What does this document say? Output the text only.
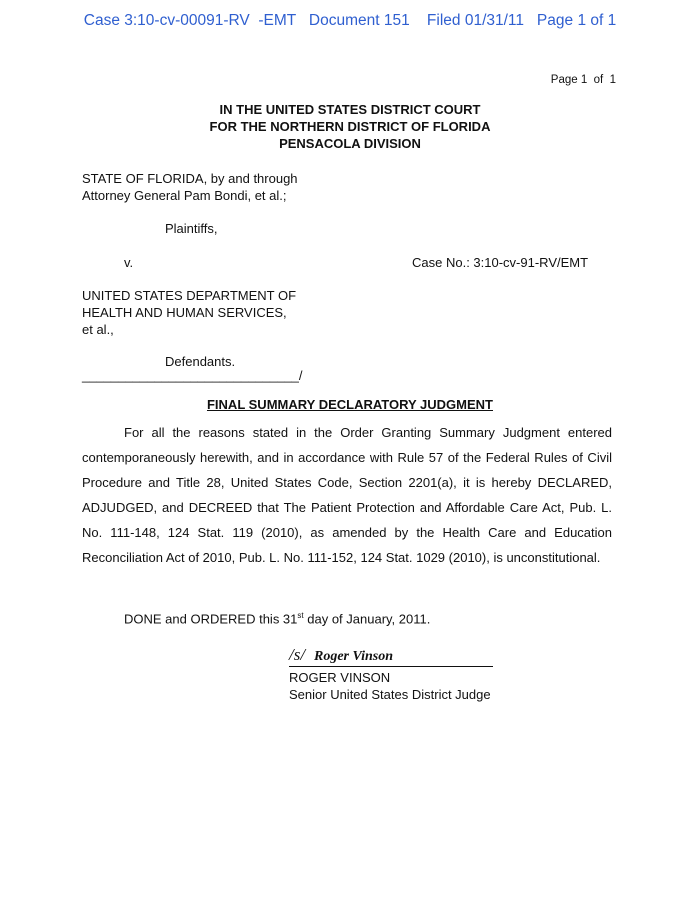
Case 3:10-cv-00091-RV  -EMT   Document 151    Filed 01/31/11   Page 1 of 1
Page 1  of  1
IN THE UNITED STATES DISTRICT COURT
FOR THE NORTHERN DISTRICT OF FLORIDA
PENSACOLA DIVISION
STATE OF FLORIDA, by and through
Attorney General Pam Bondi, et al.;
Plaintiffs,
v.	Case No.: 3:10-cv-91-RV/EMT
UNITED STATES DEPARTMENT OF
HEALTH AND HUMAN SERVICES,
et al.,
Defendants.
______________________________/
FINAL SUMMARY DECLARATORY JUDGMENT

For all the reasons stated in the Order Granting Summary Judgment entered contemporaneously herewith, and in accordance with Rule 57 of the Federal Rules of Civil Procedure and Title 28, United States Code, Section 2201(a), it is hereby DECLARED, ADJUDGED, and DECREED that The Patient Protection and Affordable Care Act, Pub. L. No. 111-148, 124 Stat. 119 (2010), as amended by the Health Care and Education Reconciliation Act of 2010, Pub. L. No. 111-152, 124 Stat. 1029 (2010), is unconstitutional.

DONE and ORDERED this 31st day of January, 2011.
/s/ Roger Vinson
ROGER VINSON
Senior United States District Judge
